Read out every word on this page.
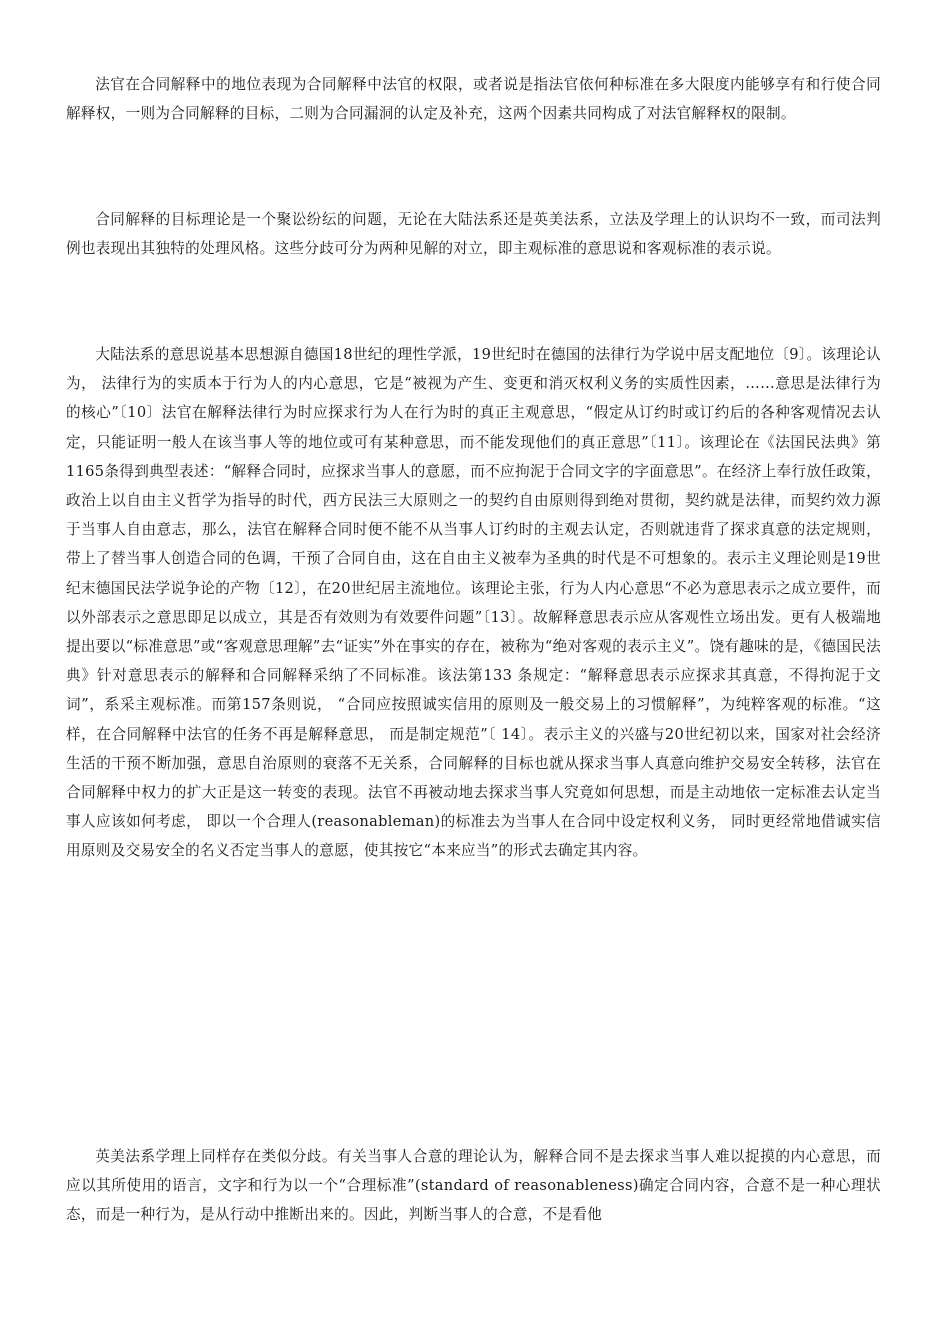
法官在合同解释中的地位表现为合同解释中法官的权限，或者说是指法官依何种标准在多大限度内能够享有和行使合同解释权，一则为合同解释的目标，二则为合同漏洞的认定及补充，这两个因素共同构成了对法官解释权的限制。

合同解释的目标理论是一个聚讼纷纭的问题，无论在大陆法系还是英美法系，立法及学理上的认识均不一致，而司法判例也表现出其独特的处理风格。这些分歧可分为两种见解的对立，即主观标准的意思说和客观标准的表示说。

大陆法系的意思说基本思想源自德国18世纪的理性学派，19世纪时在德国的法律行为学说中居支配地位〔9〕。该理论认为， 法律行为的实质本于行为人的内心意思，它是“被视为产生、变更和消灭权利义务的实质性因素，……意思是法律行为的核心”〔10〕法官在解释法律行为时应探求行为人在行为时的真正主观意思，“假定从订约时或订约后的各种客观情况去认定，只能证明一般人在该当事人等的地位或可有某种意思，而不能发现他们的真正意思”〔11〕。该理论在《法国民法典》第1165条得到典型表述：“解释合同时，应探求当事人的意愿，而不应拘泥于合同文字的字面意思”。在经济上奉行放任政策，政治上以自由主义哲学为指导的时代，西方民法三大原则之一的契约自由原则得到绝对贯彻，契约就是法律，而契约效力源于当事人自由意志，那么，法官在解释合同时便不能不从当事人订约时的主观去认定，否则就违背了探求真意的法定规则，带上了替当事人创造合同的色调，干预了合同自由，这在自由主义被奉为圣典的时代是不可想象的。表示主义理论则是19世纪末德国民法学说争论的产物〔12〕，在20世纪居主流地位。该理论主张，行为人内心意思“不必为意思表示之成立要件，而以外部表示之意思即足以成立，其是否有效则为有效要件问题”〔13〕。故解释意思表示应从客观性立场出发。更有人极端地提出要以“标准意思”或“客观意思理解”去“证实”外在事实的存在，被称为“绝对客观的表示主义”。饶有趣味的是，《德国民法典》针对意思表示的解释和合同解释采纳了不同标准。该法第133 条规定：“解释意思表示应探求其真意，不得拘泥于文词”，系采主观标准。而第157条则说， “合同应按照诚实信用的原则及一般交易上的习惯解释”，为纯粹客观的标准。“这样，在合同解释中法官的任务不再是解释意思， 而是制定规范”〔 14〕。表示主义的兴盛与20世纪初以来，国家对社会经济生活的干预不断加强，意思自治原则的衰落不无关系，合同解释的目标也就从探求当事人真意向维护交易安全转移，法官在合同解释中权力的扩大正是这一转变的表现。法官不再被动地去探求当事人究竟如何思想，而是主动地依一定标准去认定当事人应该如何考虑， 即以一个合理人(reasonableman)的标准去为当事人在合同中设定权利义务， 同时更经常地借诚实信用原则及交易安全的名义否定当事人的意愿，使其按它“本来应当”的形式去确定其内容。

英美法系学理上同样存在类似分歧。有关当事人合意的理论认为，解释合同不是去探求当事人难以捉摸的内心意思，而应以其所使用的语言，文字和行为以一个“合理标准”(standard of reasonableness)确定合同内容，合意不是一种心理状态，而是一种行为，是从行动中推断出来的。因此，判断当事人的合意，不是看他
